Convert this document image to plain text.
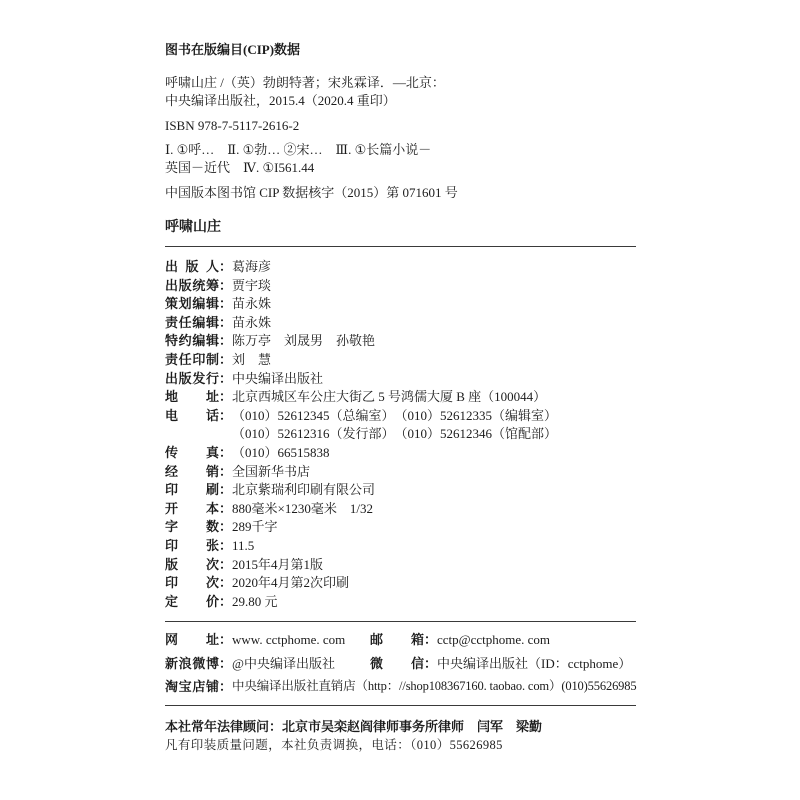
图书在版编目(CIP)数据
呼啸山庄 /（英）勃朗特著；宋兆霖译．—北京：
中央编译出版社，2015.4（2020.4 重印）
ISBN 978-7-5117-2616-2
Ⅰ. ①呼…　Ⅱ. ①勃… ②宋…　Ⅲ. ①长篇小说－
英国－近代　Ⅳ. ①I561.44
中国版本图书馆 CIP 数据核字（2015）第 071601 号
呼啸山庄
出 版 人：葛海彦
出版统筹：贾宇琰
策划编辑：苗永姝
责任编辑：苗永姝
特约编辑：陈万亭　刘晟男　孙敬艳
责任印制：刘　慧
出版发行：中央编译出版社
地　　址：北京西城区车公庄大街乙 5 号鸿儒大厦 B 座（100044）
电　　话：（010）52612345（总编室）　（010）52612335（编辑室）
（010）52612316（发行部）　（010）52612346（馆配部）
传　　真：（010）66515838
经　　销：全国新华书店
印　　刷：北京紫瑞利印刷有限公司
开　　本：880毫米×1230毫米　1/32
字　　数：289千字
印　　张：11.5
版　　次：2015年4月第1版
印　　次：2020年4月第2次印刷
定　　价：29.80 元
网　　址：www. cctphome. com 邮　　箱：cctp@cctphome. com
新浪微博：@中央编译出版社	微　　信：中央编译出版社（ID：cctphome）
淘宝店铺：中央编译出版社直销店（http：//shop108367160. taobao. com）(010)55626985
本社常年法律顾问：北京市吴栾赵阎律师事务所律师　闫军　梁勤
凡有印装质量问题，本社负责调换，电话：（010）55626985
